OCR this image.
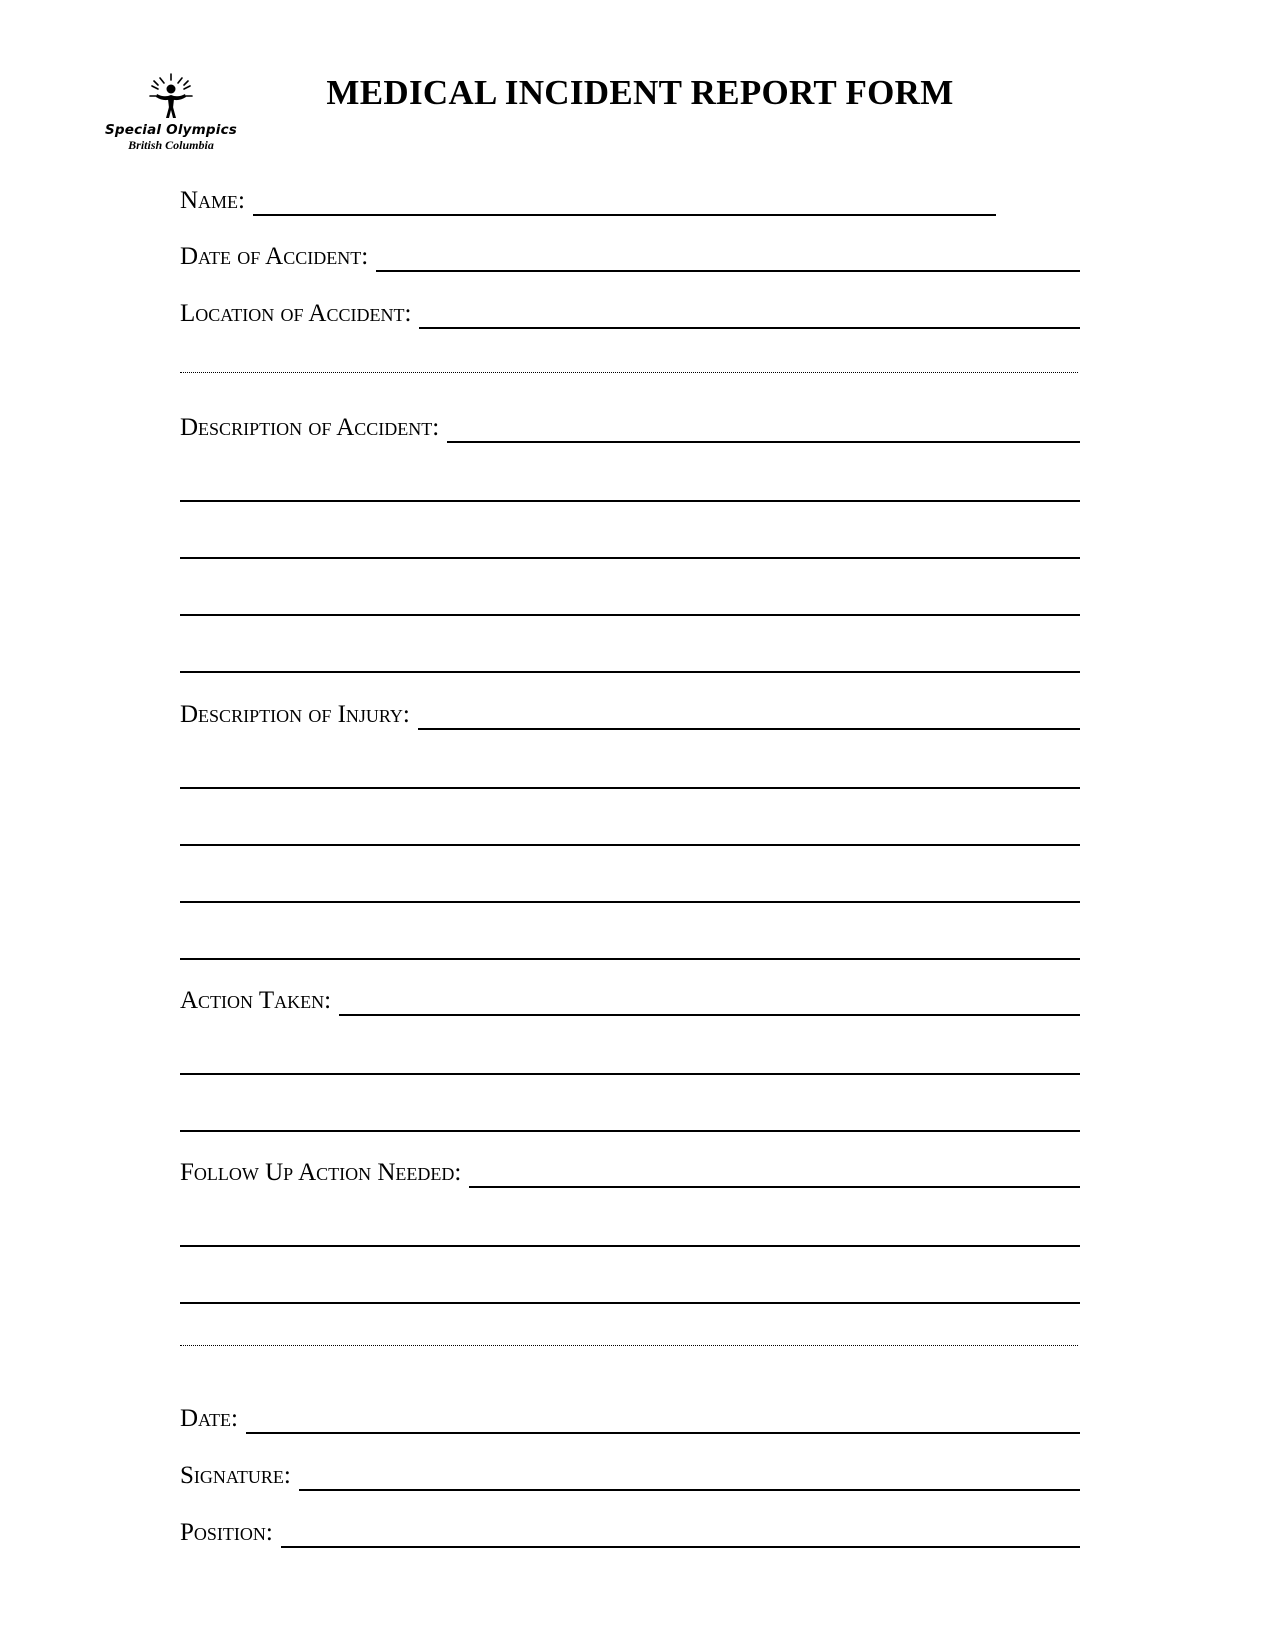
Special Olympics
British Columbia
MEDICAL INCIDENT REPORT FORM
Name:
Date of Accident:
Location of Accident:
Description of Accident:
Description of Injury:
Action Taken:
Follow Up Action Needed:
Date:
Signature:
Position:
